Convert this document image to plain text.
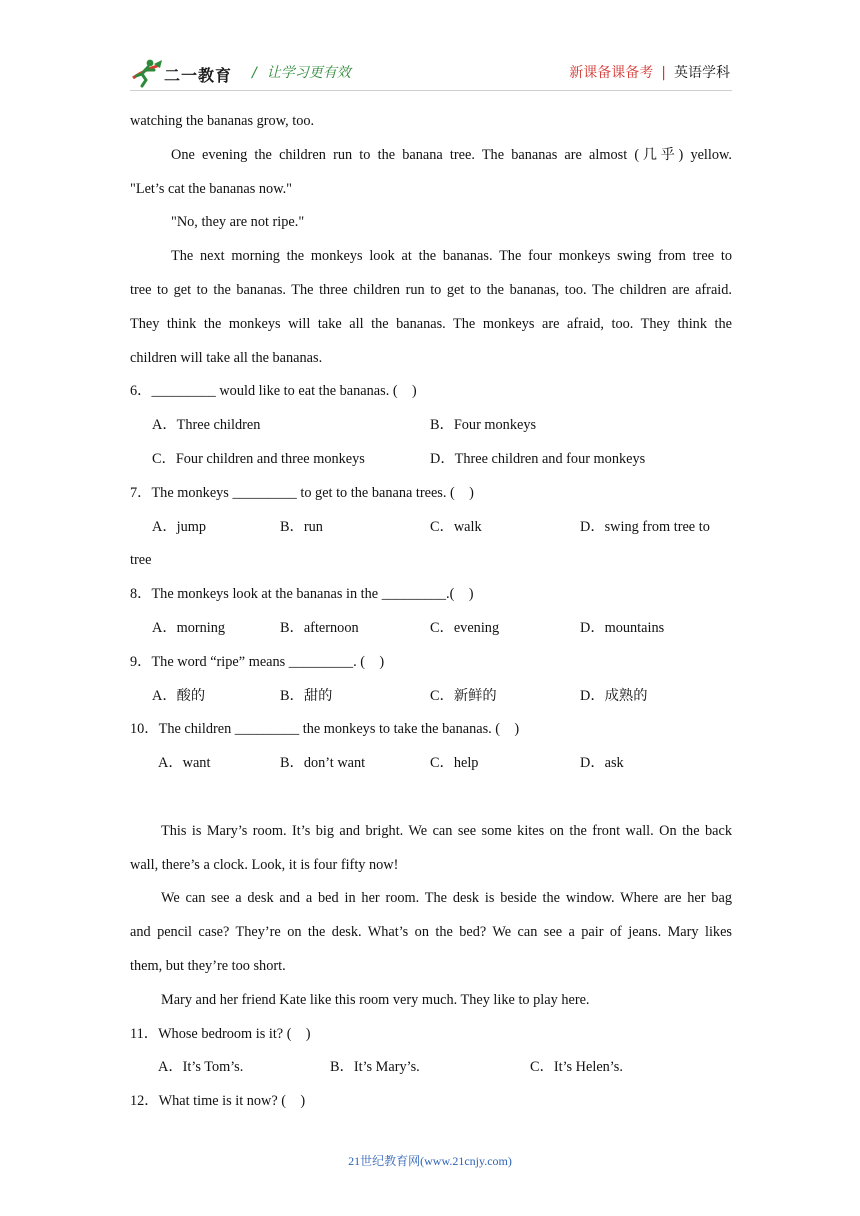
二一教育 / 让学习更有效	新课备课备考 | 英语学科
watching the bananas grow, too.
One evening the children run to the banana tree. The bananas are almost (几乎) yellow.
"Let’s cat the bananas now."
"No, they are not ripe."
The next morning the monkeys look at the bananas. The four monkeys swing from tree to
tree to get to the bananas. The three children run to get to the bananas, too. The children are afraid.
They think the monkeys will take all the bananas. The monkeys are afraid, too. They think the
children will take all the bananas.
6．_________ would like to eat the bananas. (　)
A．Three children	B．Four monkeys
C．Four children and three monkeys	D．Three children and four monkeys
7．The monkeys _________ to get to the banana trees. (　)
A．jump	B．run	C．walk	D．swing from tree to
tree
8．The monkeys look at the bananas in the _________.(　)
A．morning	B．afternoon	C．evening	D．mountains
9．The word “ripe” means _________. (　)
A．酸的	B．甜的	C．新鲜的	D．成熟的
10．The children _________ the monkeys to take the bananas. (　)
A．want	B．don’t want	C．help	D．ask
This is Mary’s room. It’s big and bright. We can see some kites on the front wall. On the back
wall, there’s a clock. Look, it is four fifty now!
We can see a desk and a bed in her room. The desk is beside the window. Where are her bag
and pencil case? They’re on the desk. What’s on the bed? We can see a pair of jeans. Mary likes
them, but they’re too short.
Mary and her friend Kate like this room very much. They like to play here.
11．Whose bedroom is it? (　)
A．It’s Tom’s.	B．It’s Mary’s.	C．It’s Helen’s.
12．What time is it now? (　)
21世纪教育网(www.21cnjy.com)
